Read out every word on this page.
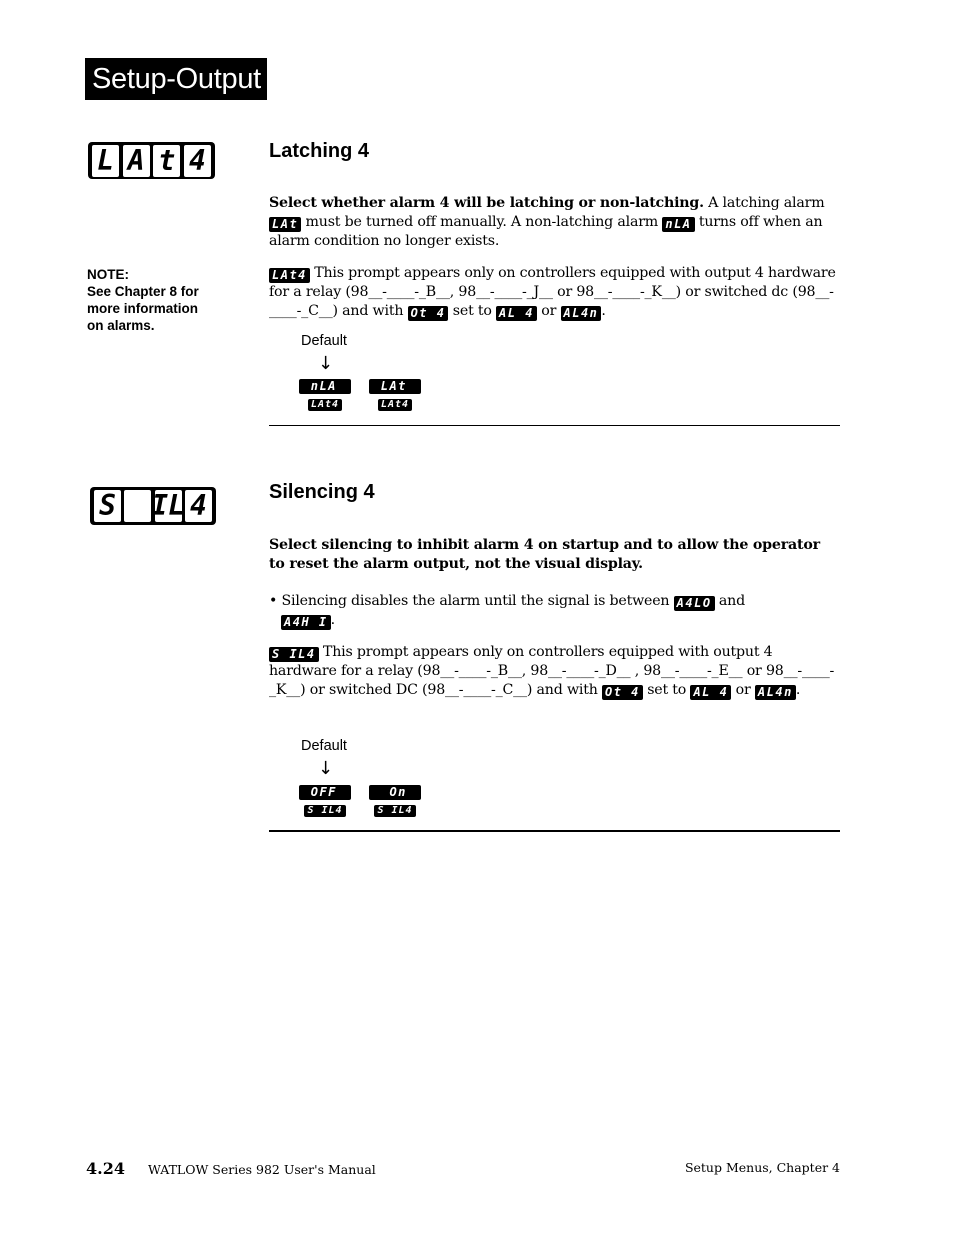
Setup-Output
L A t 4	Latching 4
Select whether alarm 4 will be latching or non-latching. A latching alarm LAt must be turned off manually. A non-latching alarm nLA turns off when an alarm condition no longer exists.
NOTE:
See Chapter 8 for
more information
on alarms.
LAt4 This prompt appears only on controllers equipped with output 4 hardware for a relay (98__-____-_B__, 98__-____-_J__ or 98__-____-_K__) or switched dc (98__-____-_C__) and with Ot 4 set to AL 4 or AL4n .
Default
↓
nLA
LAt4
LAt
LAt4
S IL 4	Silencing 4
Select silencing to inhibit alarm 4 on startup and to allow the operator to reset the alarm output, not the visual display.
• Silencing disables the alarm until the signal is between A4LO and
A4H I .
S IL4 This prompt appears only on controllers equipped with output 4 hardware for a relay (98__-____-_B__, 98__-____-_D__ , 98__-____-_E__ or 98__-____-_K__) or switched DC (98__-____-_C__) and with Ot 4 set to AL 4 or AL4n .
Default
↓
OFF
S IL4
On
S IL4
4.24 WATLOW Series 982 User's Manual	Setup Menus, Chapter 4
